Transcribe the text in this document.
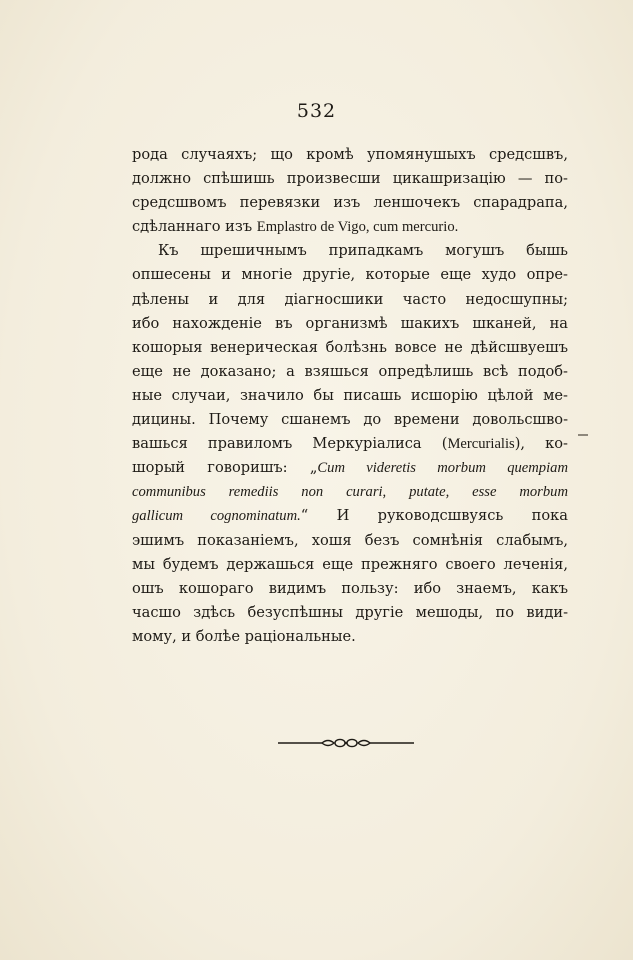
532
рода случаяхъ; що кромѣ упомянушыхъ средсшвъ,
должно спѣшишь произвесши цикашризацію — по-
средсшвомъ перевязки изъ леншочекъ спарадрапа,
сдѣланнаго изъ Emplastro de Vigo, cum mercurio.
Къ шрешичнымъ припадкамъ могушъ бышь
опшесены и многiе другiе, которые еще худо опре-
дѣлены и для дiагносшики часто недосшупны;
ибо нахожденiе въ организмѣ шакихъ шканей, на
кошорыя венерическая болѣзнь вовсе не дѣйсшвуешъ
еще не доказано; а взяшься опредѣлишь всѣ подоб-
ные случаи, значило бы писашь исшорiю цѣлой ме-
дицины. Почему сшанемъ до времени довольсшво-
вашься правиломъ Меркурiалиса (Mercurialis), ко-
шорый говоришъ: „Cum videretis morbum quempiam
communibus remediis non curari, putate, esse morbum
gallicum cognominatum.“ И руководсшвуясь пока
эшимъ показанiемъ, хошя безъ сомнѣнiя слабымъ,
мы будемъ держашься еще прежняго своего леченiя,
ошъ кошораго видимъ пользу: ибо знаемъ, какъ
часшо здѣсь безуспѣшны другiе мешоды, по види-
мому, и болѣе рацiональные.
